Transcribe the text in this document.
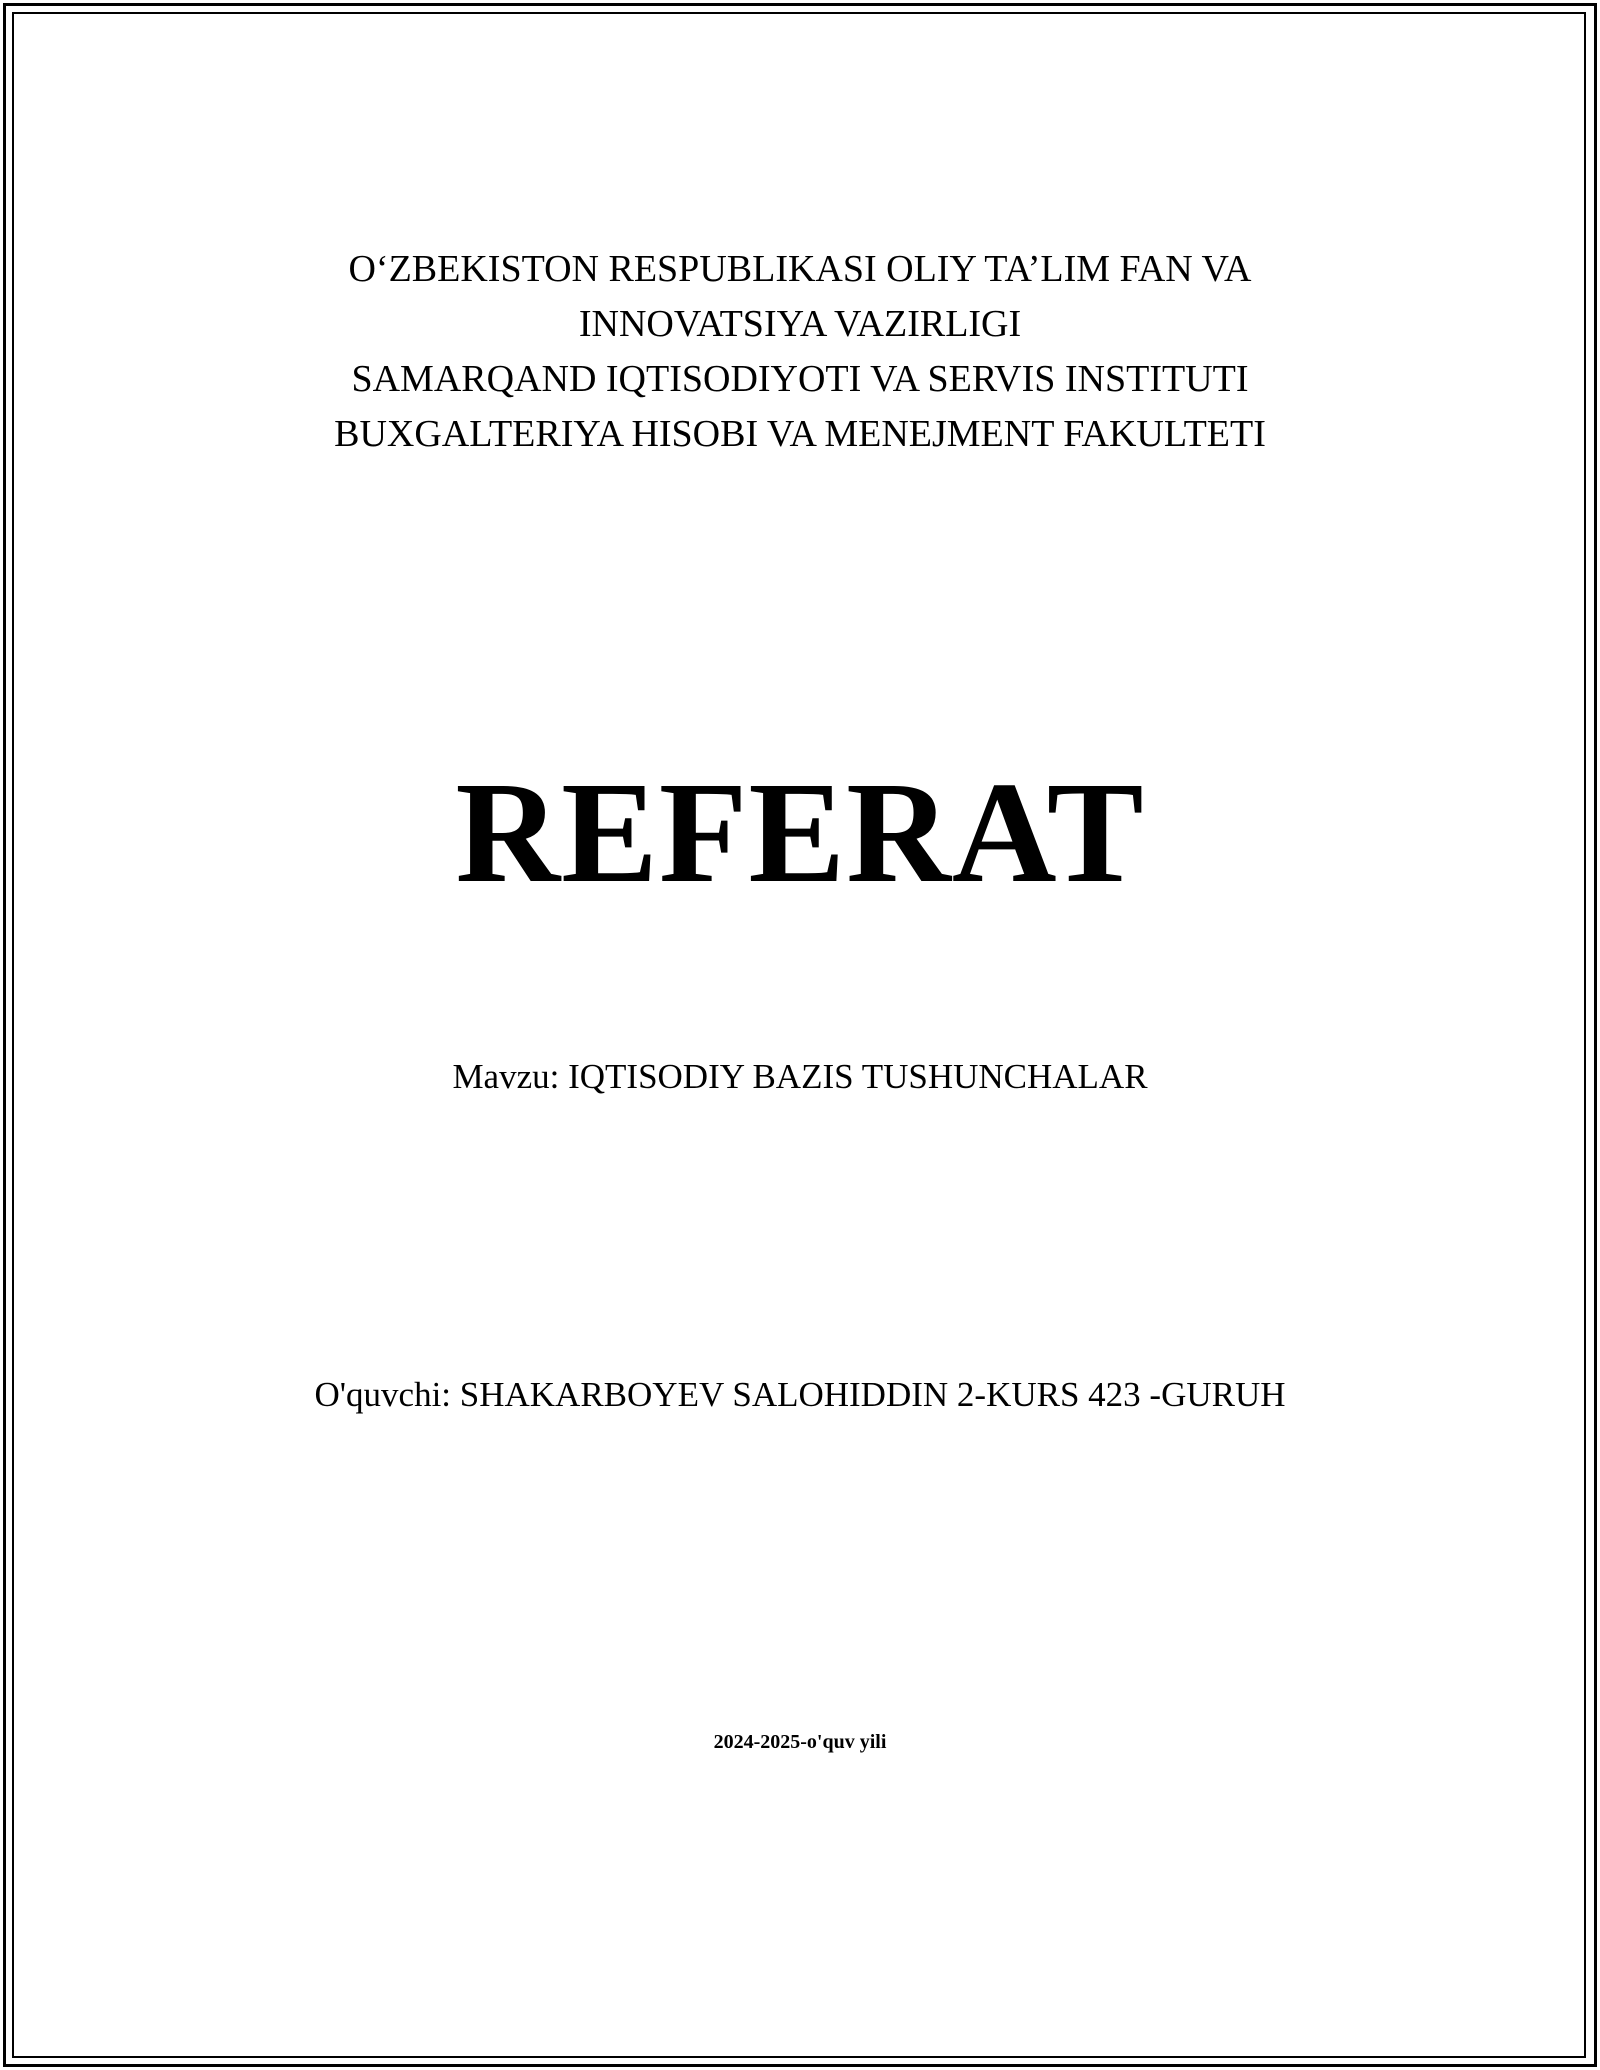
O‘ZBEKISTON RESPUBLIKASI OLIY TA’LIM FAN VA
INNOVATSIYA VAZIRLIGI
SAMARQAND IQTISODIYOTI VA SERVIS INSTITUTI
BUXGALTERIYA HISOBI VA MENEJMENT FAKULTETI
REFERAT
Mavzu: IQTISODIY BAZIS TUSHUNCHALAR
O'quvchi: SHAKARBOYEV SALOHIDDIN 2-KURS 423 -GURUH
2024-2025-o'quv yili
